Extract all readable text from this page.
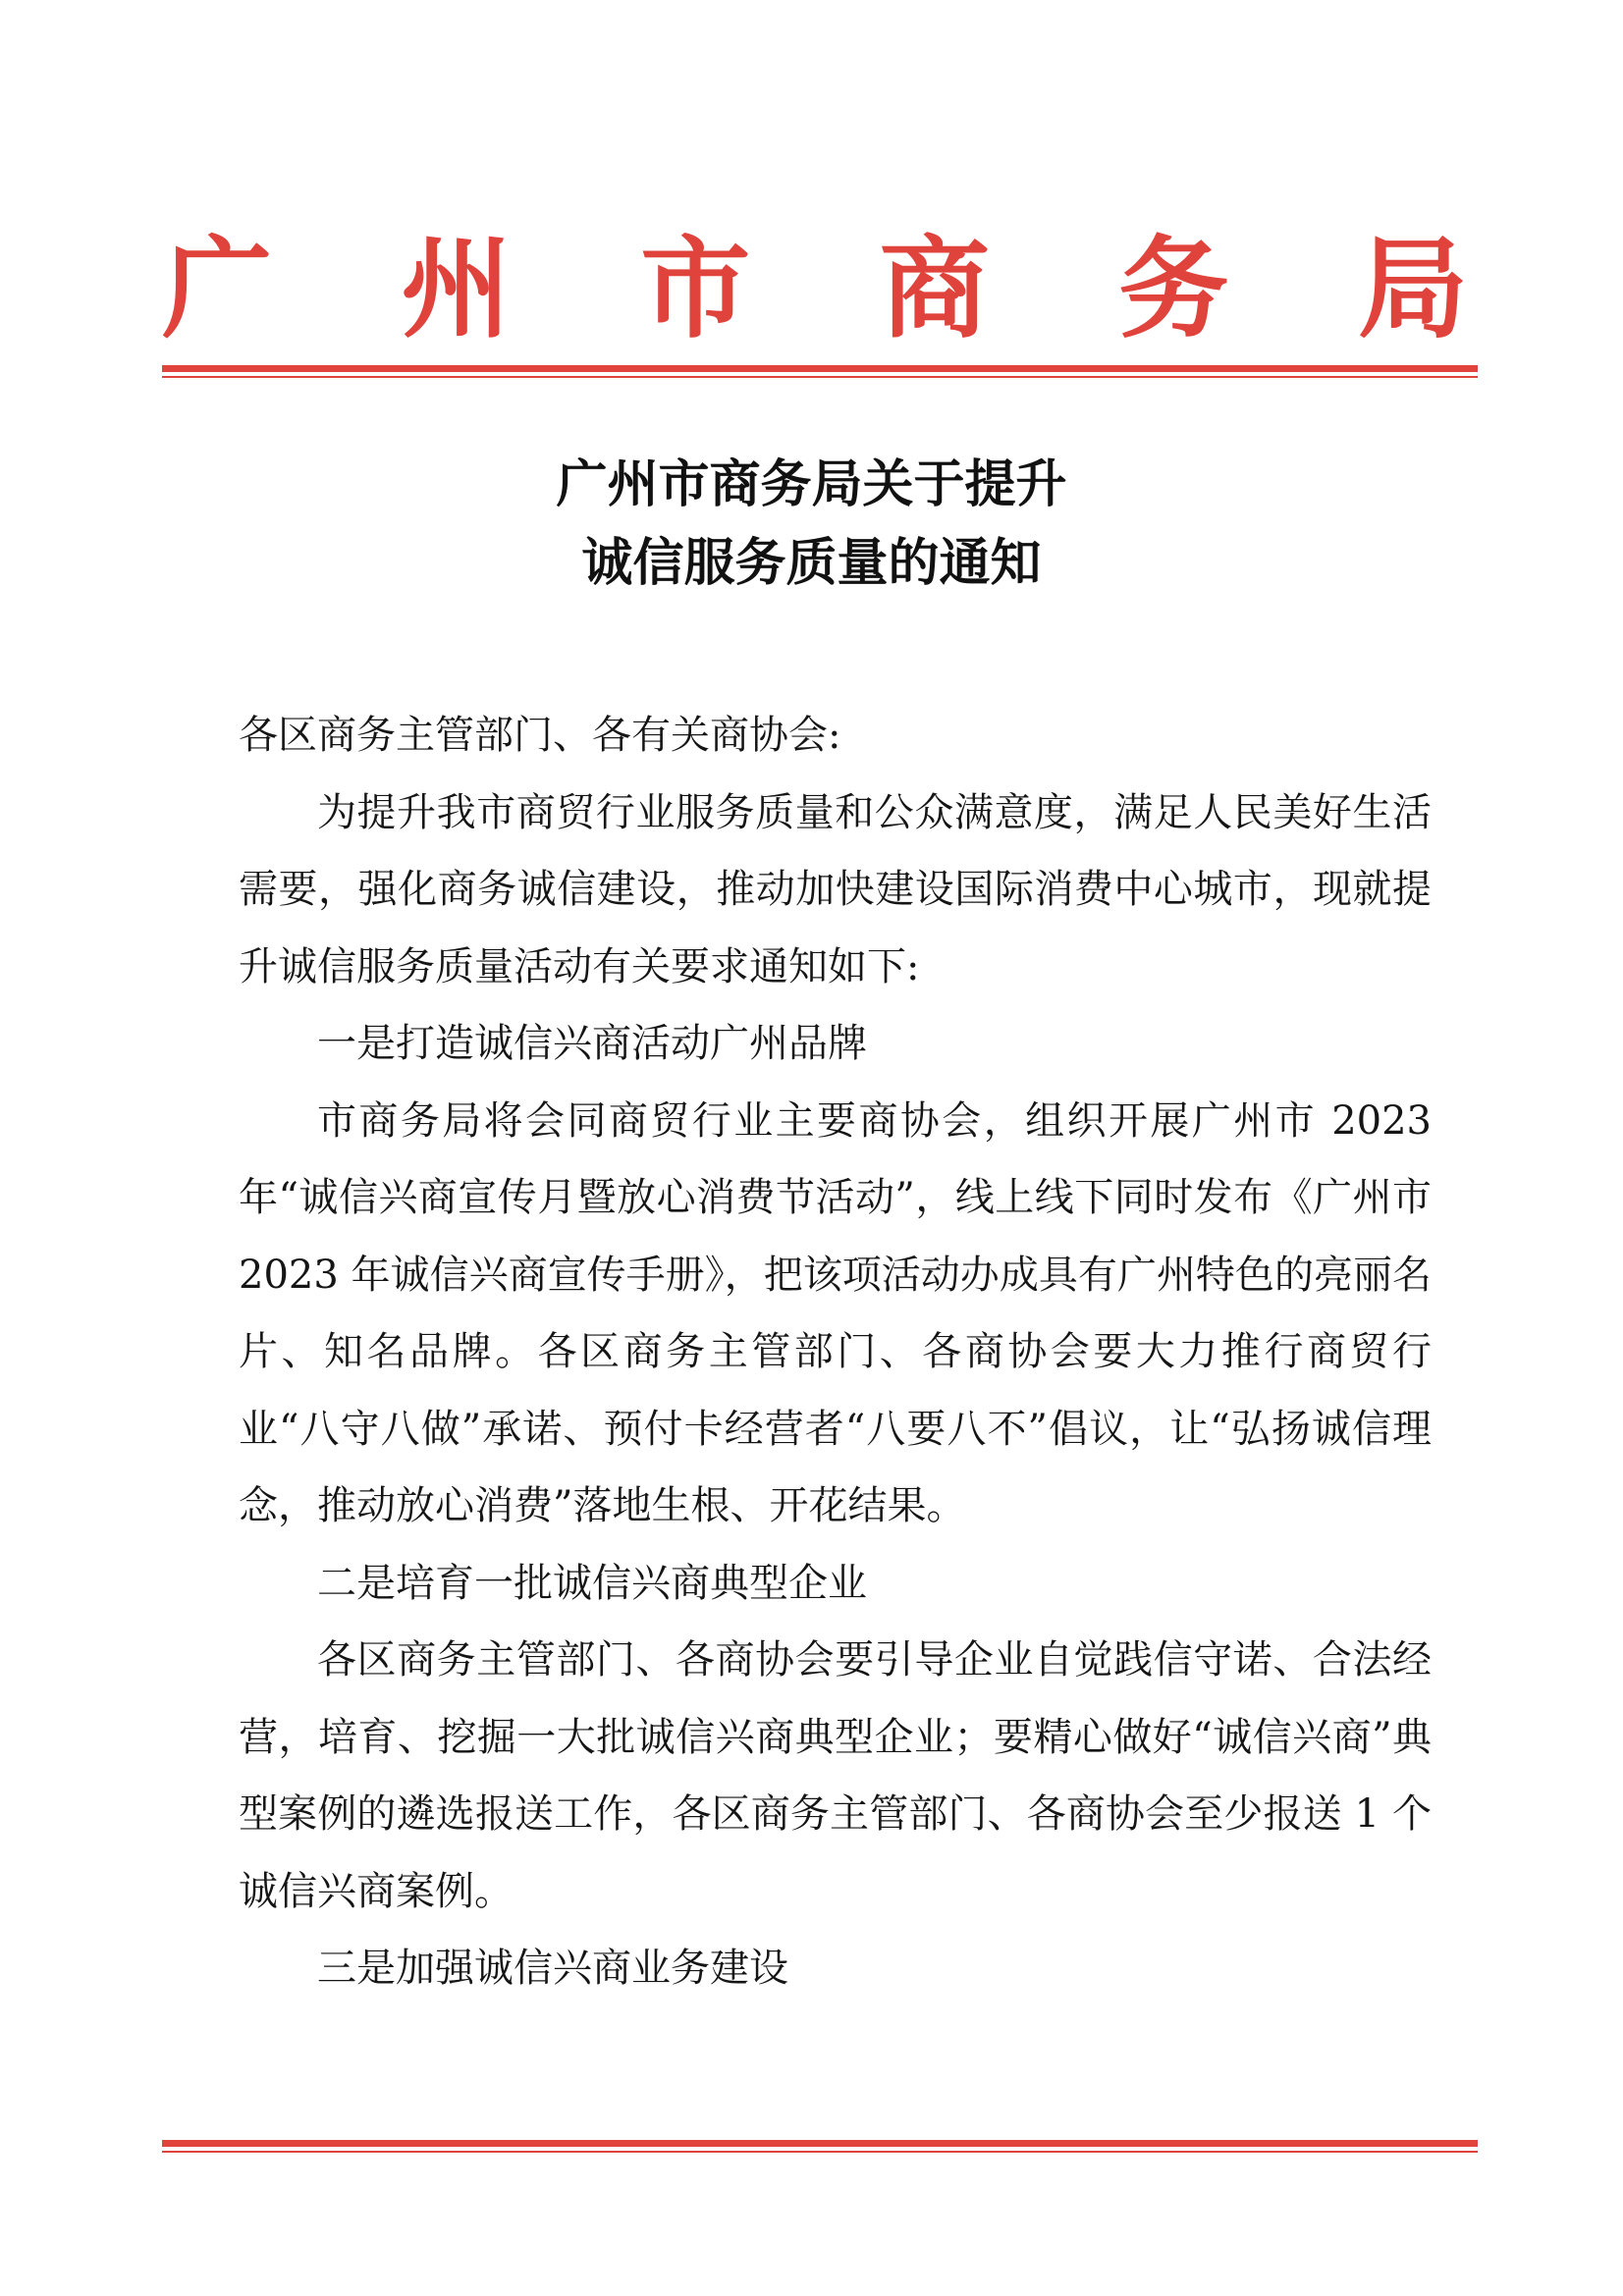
广 州 市 商 务 局
广州市商务局关于提升
诚信服务质量的通知

各区商务主管部门、各有关商协会:

为提升我市商贸行业服务质量和公众满意度，满足人民美好生活需要，强化商务诚信建设，推动加快建设国际消费中心城市，现就提升诚信服务质量活动有关要求通知如下:

一是打造诚信兴商活动广州品牌

市商务局将会同商贸行业主要商协会，组织开展广州市 2023 年“诚信兴商宣传月暨放心消费节活动”，线上线下同时发布《广州市 2023 年诚信兴商宣传手册》，把该项活动办成具有广州特色的亮丽名片、知名品牌。各区商务主管部门、各商协会要大力推行商贸行业“八守八做”承诺、预付卡经营者“八要八不”倡议，让“弘扬诚信理念，推动放心消费”落地生根、开花结果。

二是培育一批诚信兴商典型企业

各区商务主管部门、各商协会要引导企业自觉践信守诺、合法经营，培育、挖掘一大批诚信兴商典型企业；要精心做好“诚信兴商”典型案例的遴选报送工作，各区商务主管部门、各商协会至少报送 1 个诚信兴商案例。

三是加强诚信兴商业务建设
